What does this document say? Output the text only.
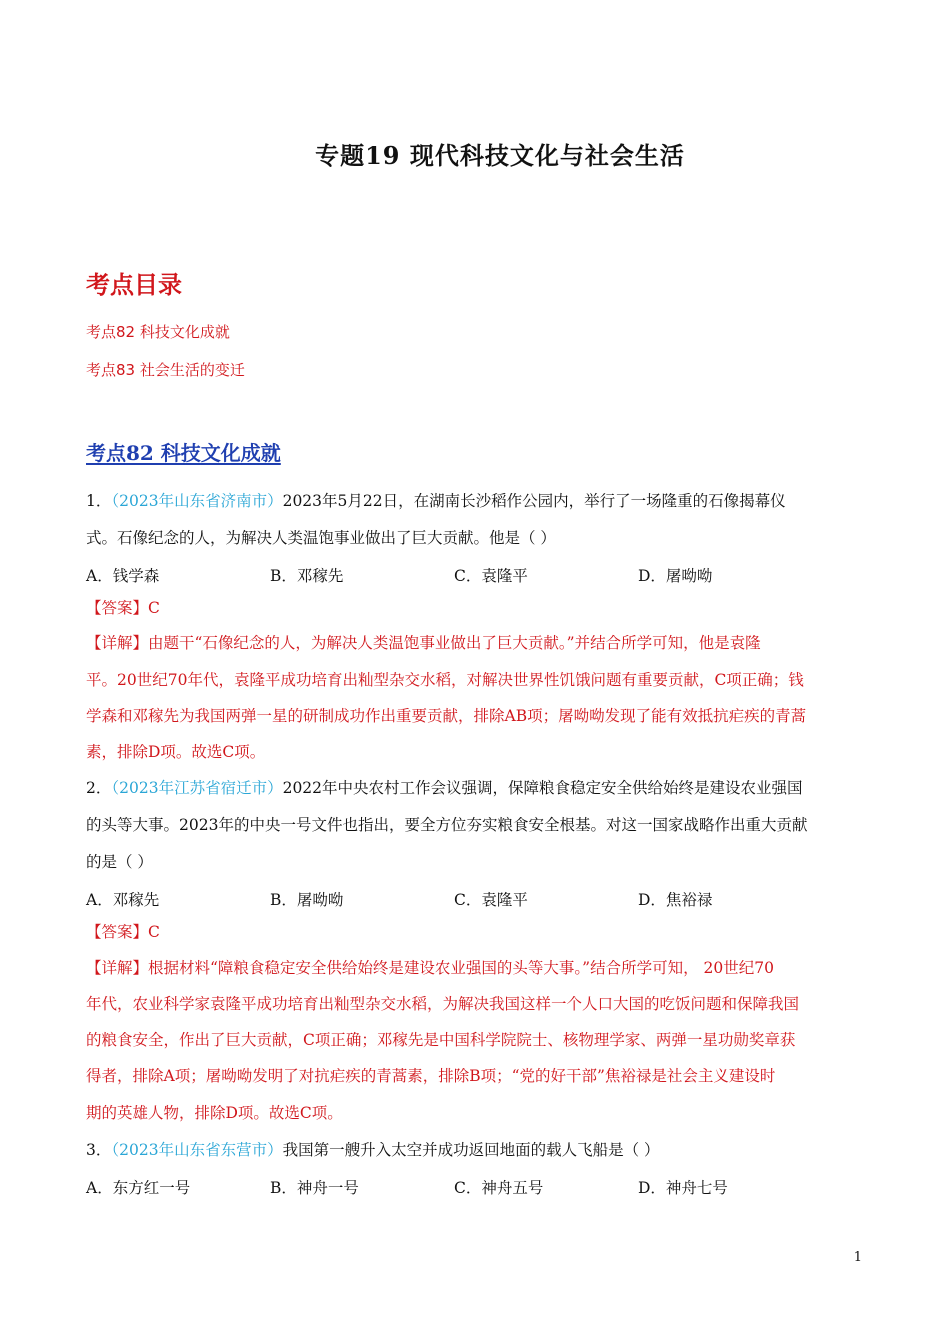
专题19 现代科技文化与社会生活
考点目录
考点82 科技文化成就
考点83 社会生活的变迁
考点82 科技文化成就
1．（2023年山东省济南市）2023年5月22日，在湖南长沙稻作公园内，举行了一场隆重的石像揭幕仪
式。石像纪念的人，为解决人类温饱事业做出了巨大贡献。他是（ ）
A．钱学森	B．邓稼先	C．袁隆平	D．屠呦呦
【答案】C
【详解】由题干“石像纪念的人，为解决人类温饱事业做出了巨大贡献。”并结合所学可知，他是袁隆
平。20世纪70年代，袁隆平成功培育出籼型杂交水稻，对解决世界性饥饿问题有重要贡献，C项正确；钱
学森和邓稼先为我国两弹一星的研制成功作出重要贡献，排除AB项；屠呦呦发现了能有效抵抗疟疾的青蒿
素，排除D项。故选C项。
2．（2023年江苏省宿迁市）2022年中央农村工作会议强调，保障粮食稳定安全供给始终是建设农业强国
的头等大事。2023年的中央一号文件也指出，要全方位夯实粮食安全根基。对这一国家战略作出重大贡献
的是（ ）
A．邓稼先	B．屠呦呦	C．袁隆平	D．焦裕禄
【答案】C
【详解】根据材料“障粮食稳定安全供给始终是建设农业强国的头等大事。”结合所学可知， 20世纪70
年代，农业科学家袁隆平成功培育出籼型杂交水稻，为解决我国这样一个人口大国的吃饭问题和保障我国
的粮食安全，作出了巨大贡献，C项正确；邓稼先是中国科学院院士、核物理学家、两弹一星功勋奖章获
得者，排除A项；屠呦呦发明了对抗疟疾的青蒿素，排除B项；“党的好干部”焦裕禄是社会主义建设时
期的英雄人物，排除D项。故选C项。
3．（2023年山东省东营市）我国第一艘升入太空并成功返回地面的载人飞船是（ ）
A．东方红一号	B．神舟一号	C．神舟五号	D．神舟七号
1
